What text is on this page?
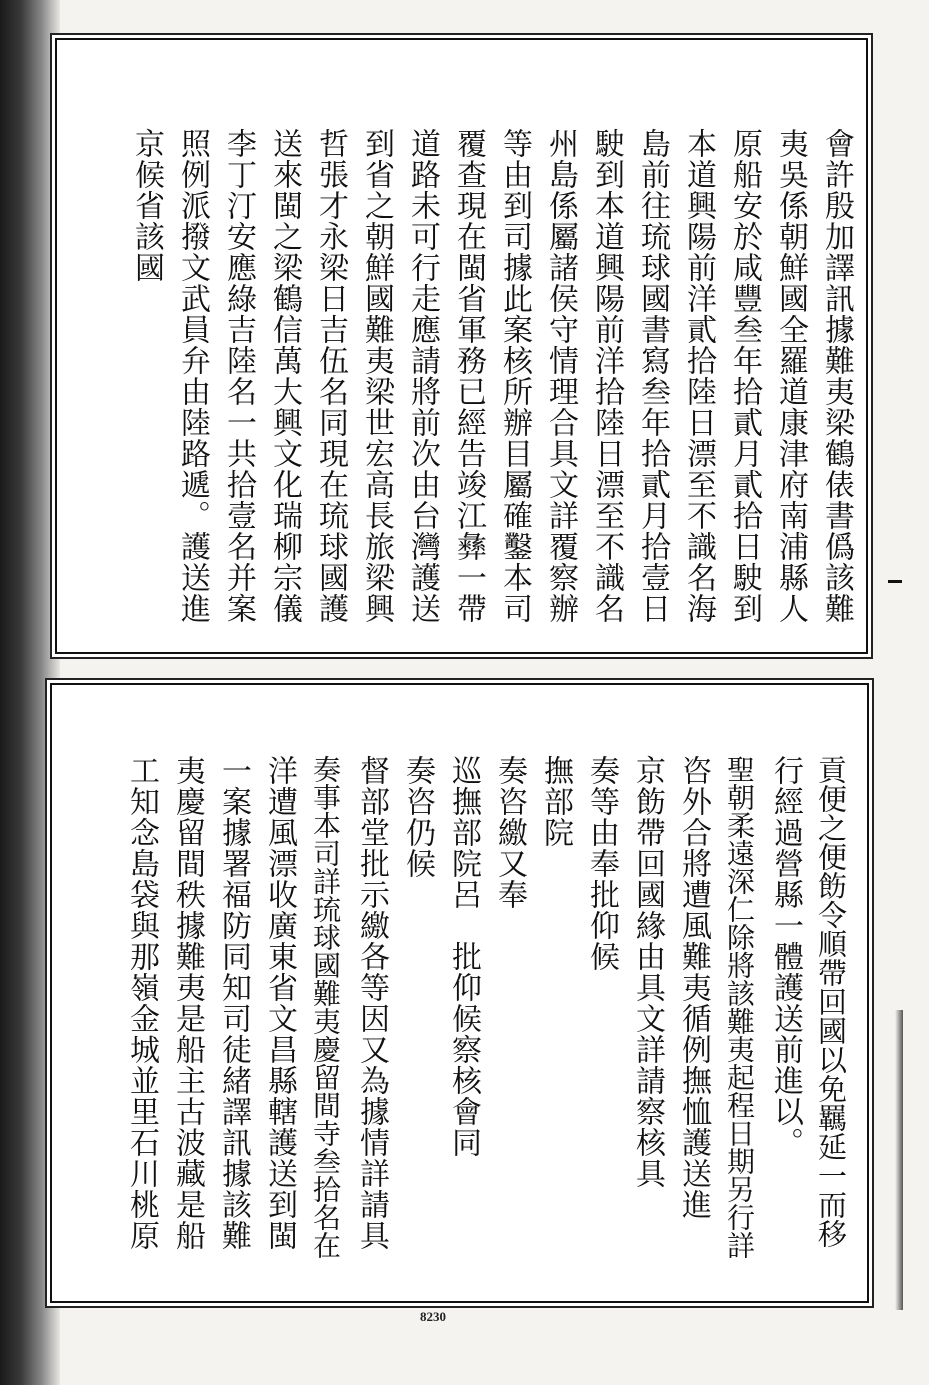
會許殷加譯訊據難夷梁鶴俵書僞該難
夷吳係朝鮮國全羅道康津府南浦縣人
原船安於咸豐叁年拾貳月貳拾日駛到
本道興陽前洋貳拾陸日漂至不識名海
島前往琉球國書寫叁年拾貳月拾壹日
駛到本道興陽前洋拾陸日漂至不識名
州島係屬諸侯守情理合具文詳覆察辦
等由到司據此案核所辦目屬確鑿本司
覆查現在閩省軍務已經告竣江彝一帶
道路未可行走應請將前次由台灣護送
到省之朝鮮國難夷梁世宏高長旅梁興
哲張才永梁日吉伍名同現在琉球國護
送來閩之梁鶴信萬大興文化瑞柳宗儀
李丁汀安應綠吉陸名一共拾壹名并案
照例派撥文武員弁由陸路遞。護送進
京候省該國
貢便之便飭令順帶回國以免羈延一而移
行經過營縣一體護送前進以。
聖朝柔遠深仁除將該難夷起程日期另行詳
咨外合將遭風難夷循例撫恤護送進
京飭帶回國緣由具文詳請察核具
奏等由奉批仰候
撫部院
奏咨繳又奉
巡撫部院呂　批仰候察核會同
奏咨仍候
督部堂批示繳各等因又為據情詳請具
奏事本司詳琉球國難夷慶留間寺叁拾名在
洋遭風漂收廣東省文昌縣轄護送到閩
一案據署福防同知司徒緒譯訊據該難
夷慶留間秩據難夷是船主古波藏是船
工知念島袋與那嶺金城並里石川桃原
8230
